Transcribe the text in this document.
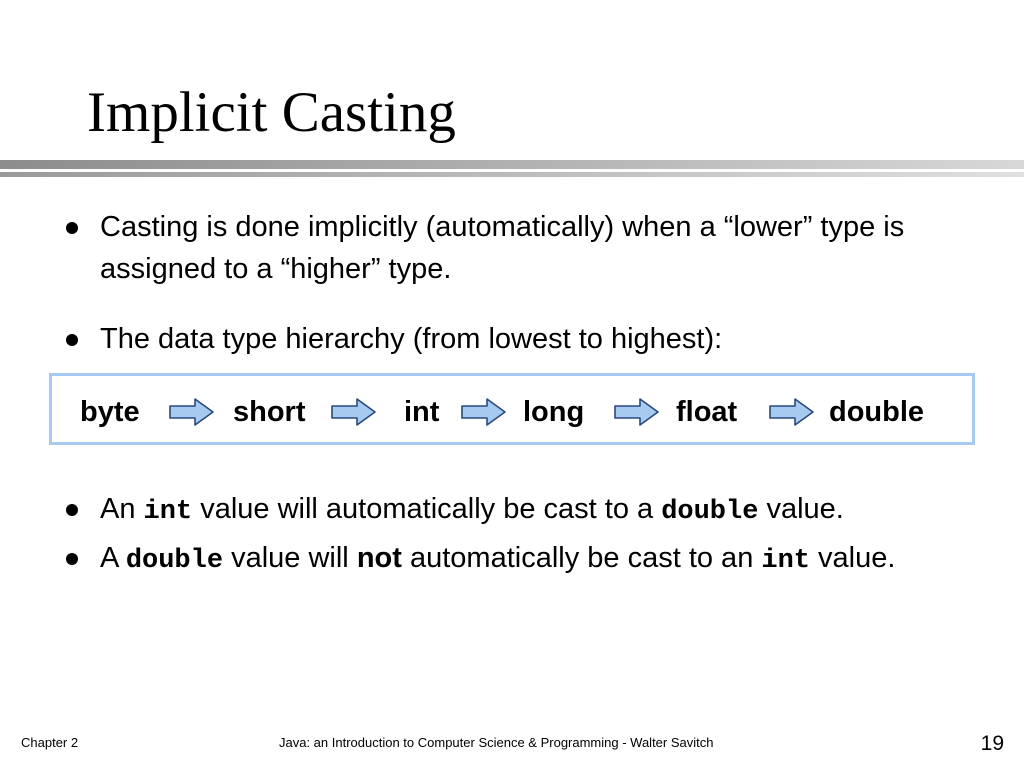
Implicit Casting
Casting is done implicitly (automatically) when a “lower” type is assigned to a “higher” type.
The data type hierarchy (from lowest to highest):
byte	short	int	long	float	double
An int value will automatically be cast to a double value.
A double value will not automatically be cast to an int value.
Chapter 2	Java: an Introduction to Computer Science & Programming - Walter Savitch	19
